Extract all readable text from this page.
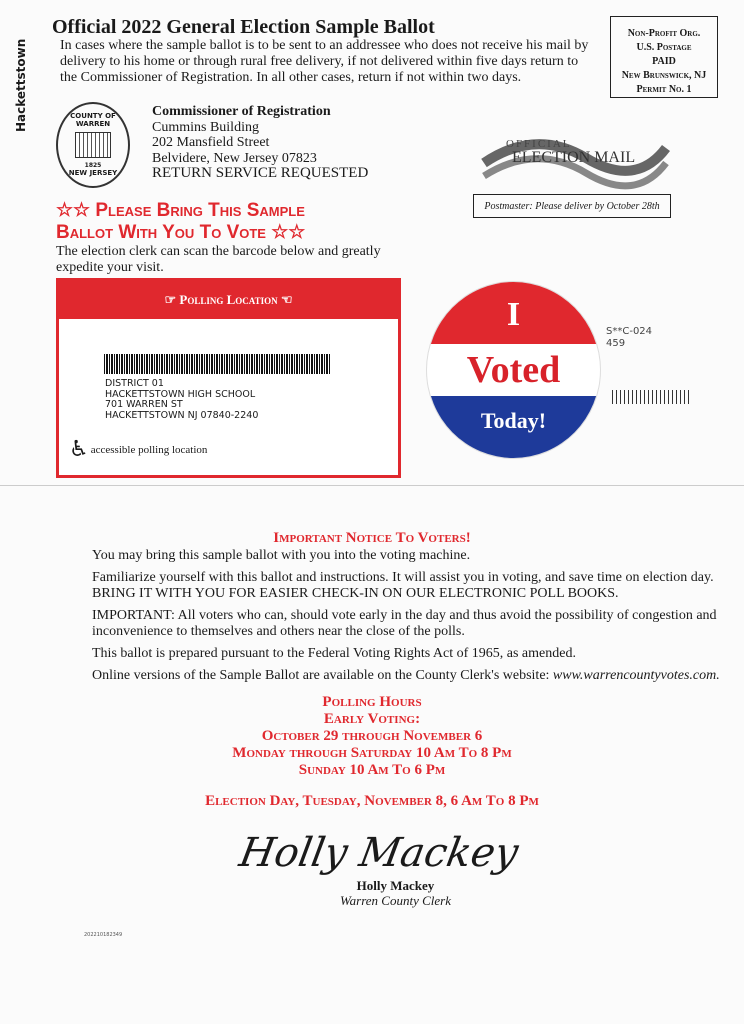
Hackettstown
Official 2022 General Election Sample Ballot
In cases where the sample ballot is to be sent to an addressee who does not receive his mail by delivery to his home or through rural free delivery, if not delivered within five days return to the Commissioner of Registration. In all other cases, return if not within two days.
Non-Profit Org.
U.S. Postage
PAID
New Brunswick, NJ
Permit No. 1
COUNTY OF WARREN
1825
NEW JERSEY
Commissioner of Registration
Cummins Building
202 Mansfield Street
Belvidere, New Jersey 07823
RETURN SERVICE REQUESTED
OFFICIAL
ELECTION MAIL
Postmaster: Please deliver by October 28th
☆☆ Please Bring This Sample
Ballot With You To Vote ☆☆
The election clerk can scan the barcode below and greatly expedite your visit.
☞ Polling Location ☜
DISTRICT 01
HACKETTSTOWN HIGH SCHOOL
701 WARREN ST
HACKETTSTOWN NJ 07840-2240
♿ accessible polling location
I
Voted
Today!
S**C-024
459
Important Notice To Voters!

You may bring this sample ballot with you into the voting machine.

Familiarize yourself with this ballot and instructions. It will assist you in voting, and save time on election day. BRING IT WITH YOU FOR EASIER CHECK-IN ON OUR ELECTRONIC POLL BOOKS.

IMPORTANT: All voters who can, should vote early in the day and thus avoid the possibility of congestion and inconvenience to themselves and others near the close of the polls.

This ballot is prepared pursuant to the Federal Voting Rights Act of 1965, as amended.

Online versions of the Sample Ballot are available on the County Clerk's website: www.warrencountyvotes.com.

Polling Hours
Early Voting:
October 29 through November 6
Monday through Saturday 10 Am To 8 Pm
Sunday 10 Am To 6 Pm
Election Day, Tuesday, November 8, 6 Am To 8 Pm
Holly Mackey
Holly Mackey
Warren County Clerk
202210182349
